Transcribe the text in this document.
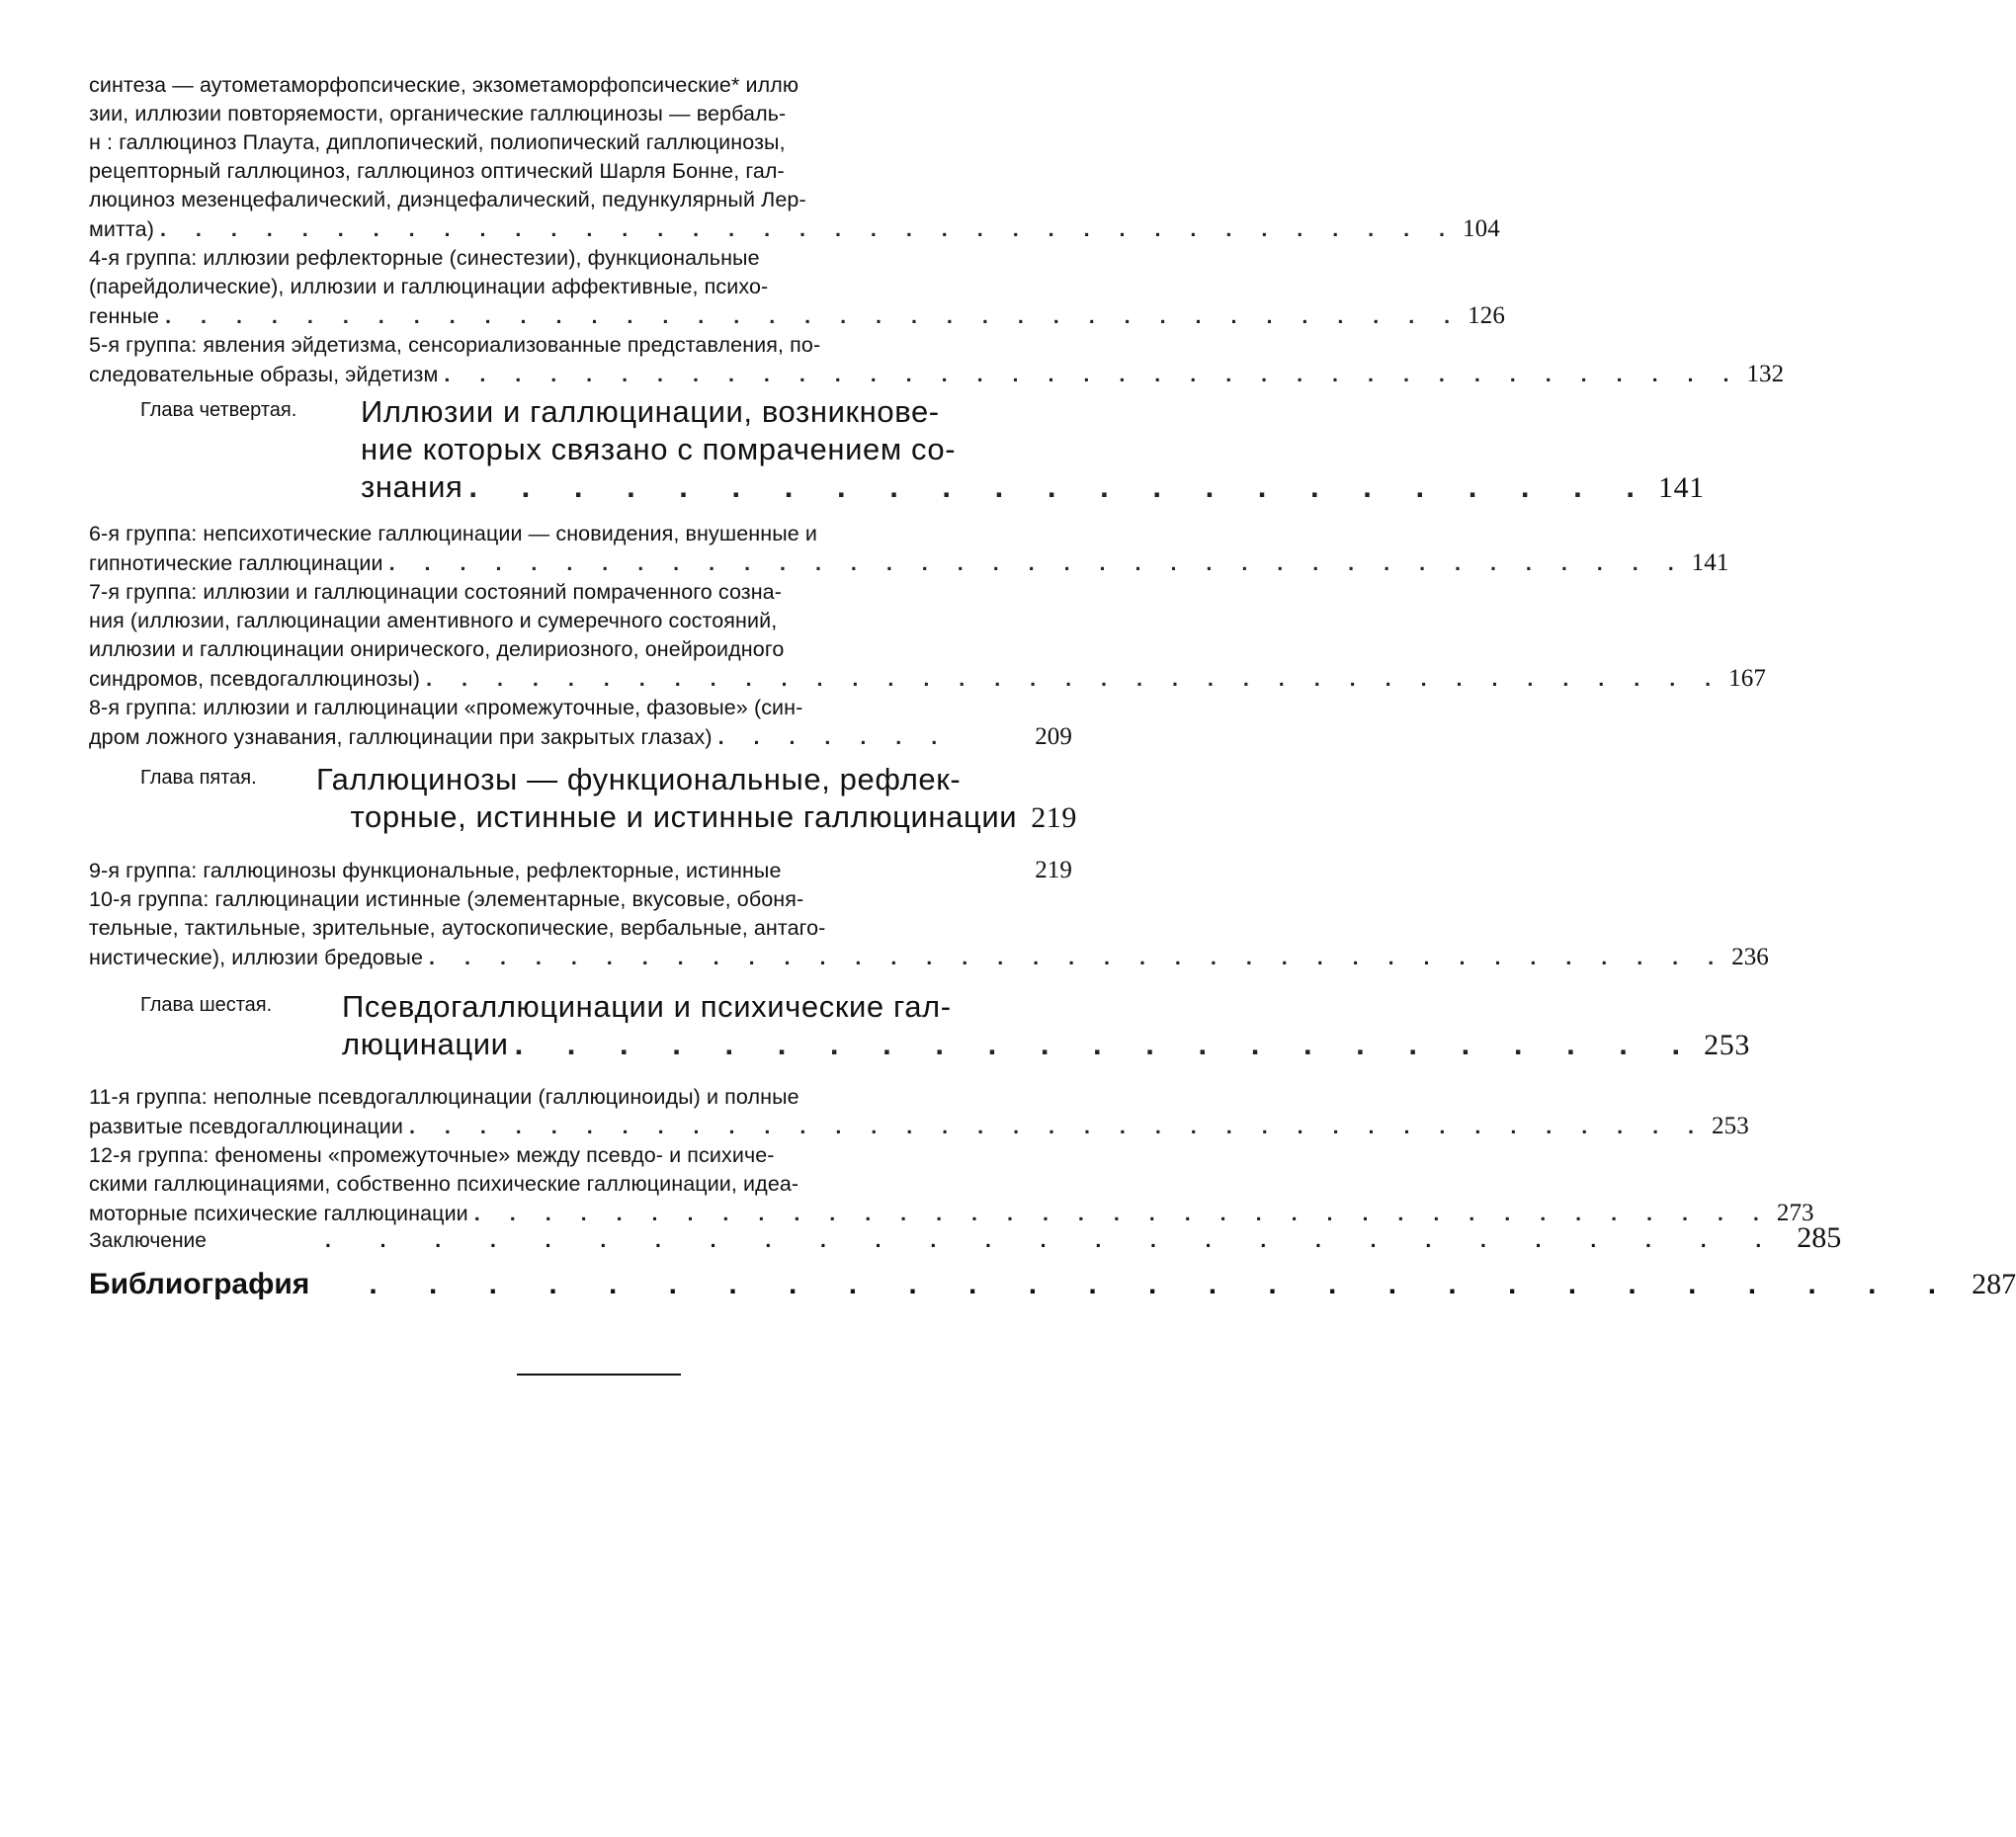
синтеза — аутометаморфопсические, экзометаморфопсические* иллю
зии, иллюзии повторяемости, органические галлюцинозы — вербаль-
н : галлюциноз Плаута, диплопический, полиопический галлюцинозы,
рецепторный галлюциноз, галлюциноз оптический Шарля Бонне, гал-
люциноз мезенцефалический, диэнцефалический, педункулярный Лер-
митта) . . . . . . . . . . . . . . . . . . . . . . . . . . . . . . . . . . . . . 104
4-я группа: иллюзии рефлекторные (синестезии), функциональные
(парейдолические), иллюзии и галлюцинации аффективные, психо-
генные . . . . . . . . . . . . . . . . . . . . . . . . . . . . . . . . . . . . . 126
5-я группа: явления эйдетизма, сенсориализованные представления, по-
следовательные образы, эйдетизм . . . . . . . . . . . . . . . . . . . . . . . . . . . . . . . . . . . . . 132
Глава четвертая. Иллюзии и галлюцинации, возникнове-
ние которых связано с помрачением со-
знания . . . . . . . . . . . . . . . . . . . . . . . 141
6-я группа: непсихотические галлюцинации — сновидения, внушенные и
гипнотические галлюцинации . . . . . . . . . . . . . . . . . . . . . . . . . . . . . . . . . . . . . 141
7-я группа: иллюзии и галлюцинации состояний помраченного созна-
ния (иллюзии, галлюцинации аментивного и сумеречного состояний,
иллюзии и галлюцинации онирического, делириозного, онейроидного
синдромов, псевдогаллюцинозы) . . . . . . . . . . . . . . . . . . . . . . . . . . . . . . . . . . . . . 167
8-я группа: иллюзии и галлюцинации «промежуточные, фазовые» (син-
дром ложного узнавания, галлюцинации при закрытых глазах) . . . . . . .	209
Глава пятая. Галлюцинозы — функциональные, рефлек-
торные, истинные и истинные галлюцинации 219
9-я группа: галлюцинозы функциональные, рефлекторные, истинные	219
10-я группа: галлюцинации истинные (элементарные, вкусовые, обоня-
тельные, тактильные, зрительные, аутоскопические, вербальные, антаго-
нистические), иллюзии бредовые . . . . . . . . . . . . . . . . . . . . . . . . . . . . . . . . . . . . . 236
Глава шестая. Псевдогаллюцинации и психические гал-
люцинации . . . . . . . . . . . . . . . . . . . . . . . 253
11-я группа: неполные псевдогаллюцинации (галлюциноиды) и полные
развитые псевдогаллюцинации . . . . . . . . . . . . . . . . . . . . . . . . . . . . . . . . . . . . . 253
12-я группа: феномены «промежуточные» между псевдо- и психиче-
скими галлюцинациями, собственно психические галлюцинации, идеа-
моторные психические галлюцинации . . . . . . . . . . . . . . . . . . . . . . . . . . . . . . . . . . . . . 273
Заключение	. . . . . . . . . . . . . . . . . . . . . . . . . . . 285
Библиография . . . . . . . . . . . . . . . . . . . . . . . . . . . 287
